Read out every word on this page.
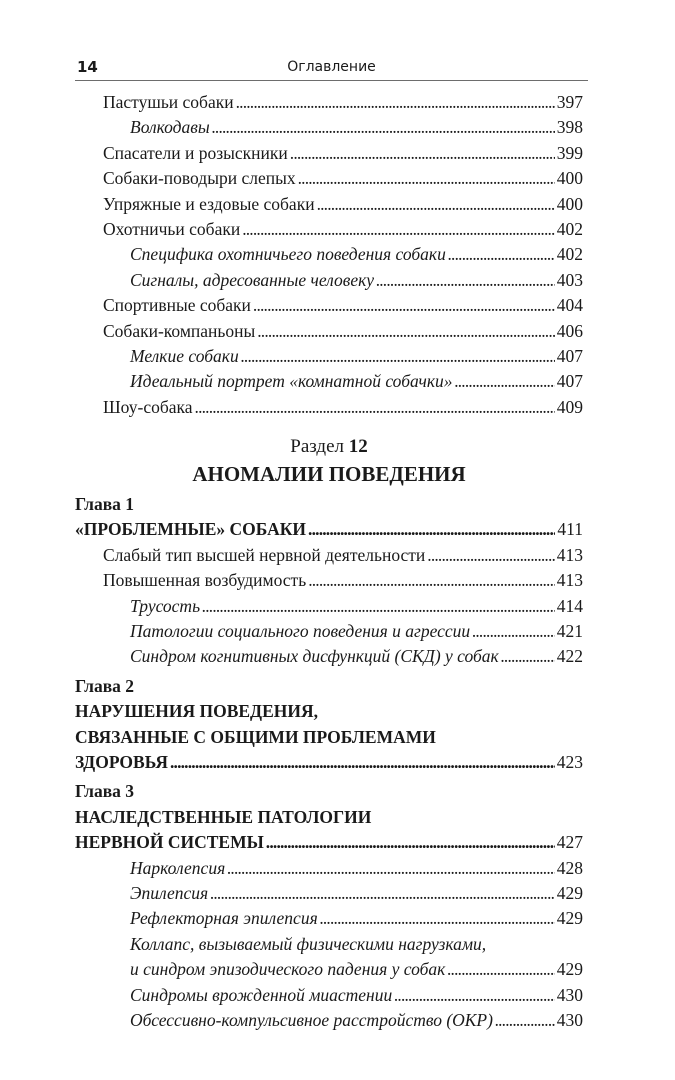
14	Оглавление
Пастушьи собаки . . .	397
Волкодавы . . .	398
Спасатели и розыскники . . .	399
Собаки-поводыри слепых . . .	400
Упряжные и ездовые собаки . . .	400
Охотничьи собаки . . .	402
Специфика охотничьего поведения собаки . . .	402
Сигналы, адресованные человеку . . .	403
Спортивные собаки . . .	404
Собаки-компаньоны . . .	406
Мелкие собаки . . .	407
Идеальный портрет «комнатной собачки» . . .	407
Шоу-собака . . .	409
Раздел 12
АНОМАЛИИ ПОВЕДЕНИЯ
Глава 1
«ПРОБЛЕМНЫЕ» СОБАКИ . . .	411
Слабый тип высшей нервной деятельности . . .	413
Повышенная возбудимость . . .	413
Трусость . . .	414
Патологии социального поведения и агрессии . . .	421
Синдром когнитивных дисфункций (СКД) у собак . . .	422
Глава 2
НАРУШЕНИЯ ПОВЕДЕНИЯ,
СВЯЗАННЫЕ С ОБЩИМИ ПРОБЛЕМАМИ
ЗДОРОВЬЯ . . .	423
Глава 3
НАСЛЕДСТВЕННЫЕ ПАТОЛОГИИ
НЕРВНОЙ СИСТЕМЫ . . .	427
Нарколепсия . . .	428
Эпилепсия . . .	429
Рефлекторная эпилепсия . . .	429
Коллапс, вызываемый физическими нагрузками,
и синдром эпизодического падения у собак . . .	429
Синдромы врожденной миастении . . .	430
Обсессивно-компульсивное расстройство (ОКР) . . .	430
